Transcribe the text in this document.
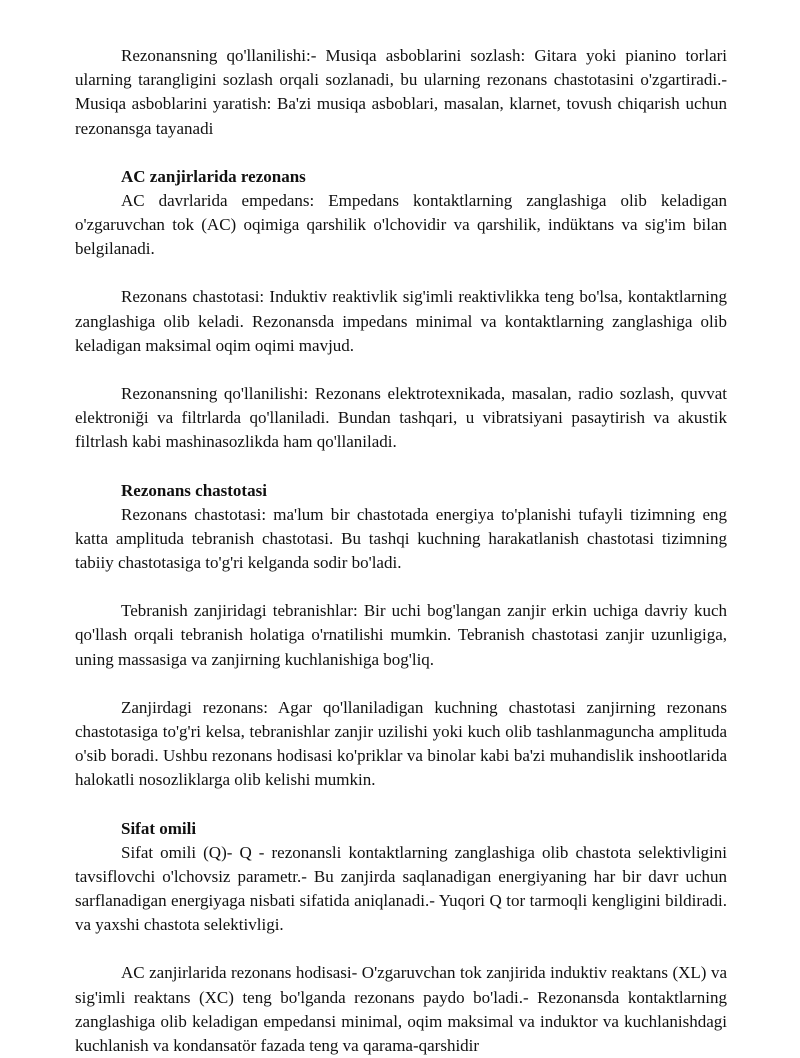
Rezonansning qo'llanilishi:- Musiqa asboblarini sozlash: Gitara yoki pianino torlari ularning tarangligini sozlash orqali sozlanadi, bu ularning rezonans chastotasini o'zgartiradi.- Musiqa asboblarini yaratish: Ba'zi musiqa asboblari, masalan, klarnet, tovush chiqarish uchun rezonansga tayanadi

AC zanjirlarida rezonans

AC davrlarida empedans: Empedans kontaktlarning zanglashiga olib keladigan o'zgaruvchan tok (AC) oqimiga qarshilik o'lchovidir va qarshilik, indüktans va sig'im bilan belgilanadi.

Rezonans chastotasi: Induktiv reaktivlik sig'imli reaktivlikka teng bo'lsa, kontaktlarning zanglashiga olib keladi. Rezonansda impedans minimal va kontaktlarning zanglashiga olib keladigan maksimal oqim oqimi mavjud.

Rezonansning qo'llanilishi: Rezonans elektrotexnikada, masalan, radio sozlash, quvvat elektroniği va filtrlarda qo'llaniladi. Bundan tashqari, u vibratsiyani pasaytirish va akustik filtrlash kabi mashinasozlikda ham qo'llaniladi.

Rezonans chastotasi

Rezonans chastotasi: ma'lum bir chastotada energiya to'planishi tufayli tizimning eng katta amplituda tebranish chastotasi. Bu tashqi kuchning harakatlanish chastotasi tizimning tabiiy chastotasiga to'g'ri kelganda sodir bo'ladi.

Tebranish zanjiridagi tebranishlar: Bir uchi bog'langan zanjir erkin uchiga davriy kuch qo'llash orqali tebranish holatiga o'rnatilishi mumkin. Tebranish chastotasi zanjir uzunligiga, uning massasiga va zanjirning kuchlanishiga bog'liq.

Zanjirdagi rezonans: Agar qo'llaniladigan kuchning chastotasi zanjirning rezonans chastotasiga to'g'ri kelsa, tebranishlar zanjir uzilishi yoki kuch olib tashlanmaguncha amplituda o'sib boradi. Ushbu rezonans hodisasi ko'priklar va binolar kabi ba'zi muhandislik inshootlarida halokatli nosozliklarga olib kelishi mumkin.

Sifat omili

Sifat omili (Q)- Q - rezonansli kontaktlarning zanglashiga olib chastota selektivligini tavsiflovchi o'lchovsiz parametr.- Bu zanjirda saqlanadigan energiyaning har bir davr uchun sarflanadigan energiyaga nisbati sifatida aniqlanadi.- Yuqori Q tor tarmoqli kengligini bildiradi. va yaxshi chastota selektivligi.

AC zanjirlarida rezonans hodisasi- O'zgaruvchan tok zanjirida induktiv reaktans (XL) va sig'imli reaktans (XC) teng bo'lganda rezonans paydo bo'ladi.- Rezonansda kontaktlarning zanglashiga olib keladigan empedansi minimal, oqim maksimal va induktor va kuchlanishdagi kuchlanish va kondansatör fazada teng va qarama-qarshidir
